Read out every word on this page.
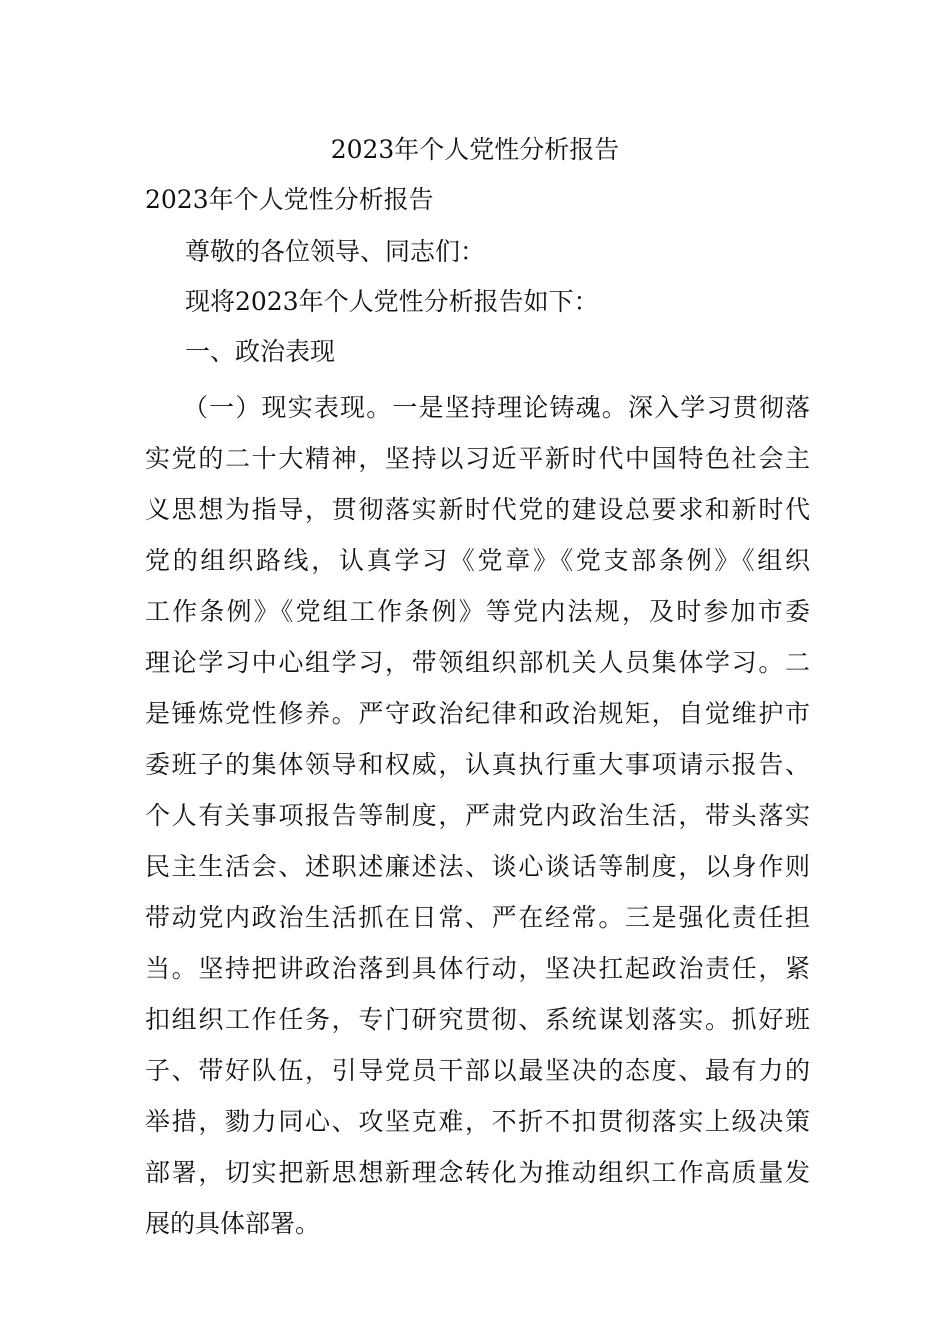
2023年个人党性分析报告
2023年个人党性分析报告
尊敬的各位领导、同志们：
现将2023年个人党性分析报告如下：
一、政治表现
（一）现实表现。一是坚持理论铸魂。深入学习贯彻落
实党的二十大精神，坚持以习近平新时代中国特色社会主
义思想为指导，贯彻落实新时代党的建设总要求和新时代
党的组织路线，认真学习《党章》《党支部条例》《组织
工作条例》《党组工作条例》等党内法规，及时参加市委
理论学习中心组学习，带领组织部机关人员集体学习。二
是锤炼党性修养。严守政治纪律和政治规矩，自觉维护市
委班子的集体领导和权威，认真执行重大事项请示报告、
个人有关事项报告等制度，严肃党内政治生活，带头落实
民主生活会、述职述廉述法、谈心谈话等制度，以身作则
带动党内政治生活抓在日常、严在经常。三是强化责任担
当。坚持把讲政治落到具体行动，坚决扛起政治责任，紧
扣组织工作任务，专门研究贯彻、系统谋划落实。抓好班
子、带好队伍，引导党员干部以最坚决的态度、最有力的
举措，勠力同心、攻坚克难，不折不扣贯彻落实上级决策
部署，切实把新思想新理念转化为推动组织工作高质量发
展的具体部署。
